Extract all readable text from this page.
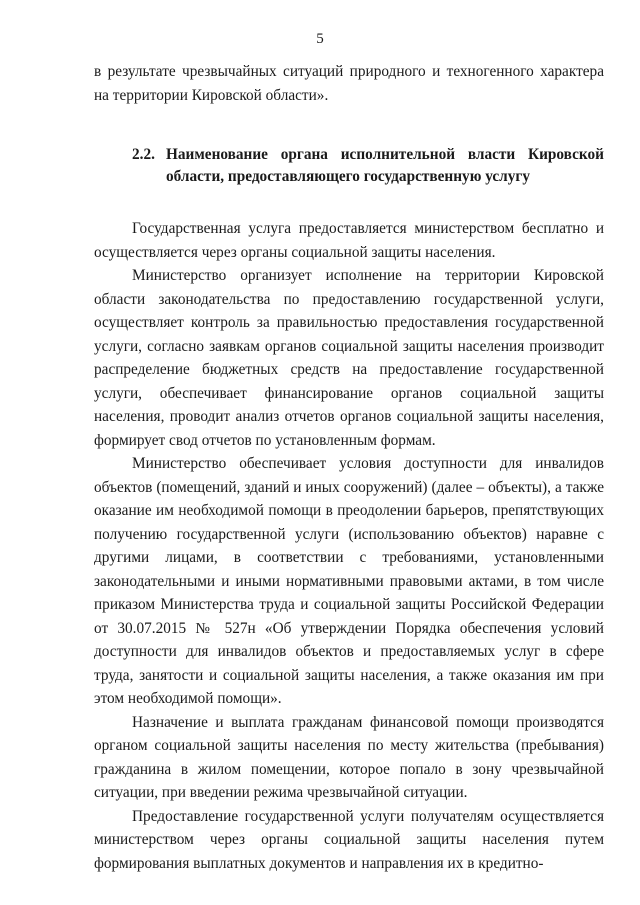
5

в результате чрезвычайных ситуаций природного и техногенного характера на территории Кировской области».

2.2. Наименование органа исполнительной власти Кировской области, предоставляющего государственную услугу

Государственная услуга предоставляется министерством бесплатно и осуществляется через органы социальной защиты населения.

Министерство организует исполнение на территории Кировской области законодательства по предоставлению государственной услуги, осуществляет контроль за правильностью предоставления государственной услуги, согласно заявкам органов социальной защиты населения производит распределение бюджетных средств на предоставление государственной услуги, обеспечивает финансирование органов социальной защиты населения, проводит анализ отчетов органов социальной защиты населения, формирует свод отчетов по установленным формам.

Министерство обеспечивает условия доступности для инвалидов объектов (помещений, зданий и иных сооружений) (далее – объекты), а также оказание им необходимой помощи в преодолении барьеров, препятствующих получению государственной услуги (использованию объектов) наравне с другими лицами, в соответствии с требованиями, установленными законодательными и иными нормативными правовыми актами, в том числе приказом Министерства труда и социальной защиты Российской Федерации от 30.07.2015 № 527н «Об утверждении Порядка обеспечения условий доступности для инвалидов объектов и предоставляемых услуг в сфере труда, занятости и социальной защиты населения, а также оказания им при этом необходимой помощи».

Назначение и выплата гражданам финансовой помощи производятся органом социальной защиты населения по месту жительства (пребывания) гражданина в жилом помещении, которое попало в зону чрезвычайной ситуации, при введении режима чрезвычайной ситуации.

Предоставление государственной услуги получателям осуществляется министерством через органы социальной защиты населения путем формирования выплатных документов и направления их в кредитно-
